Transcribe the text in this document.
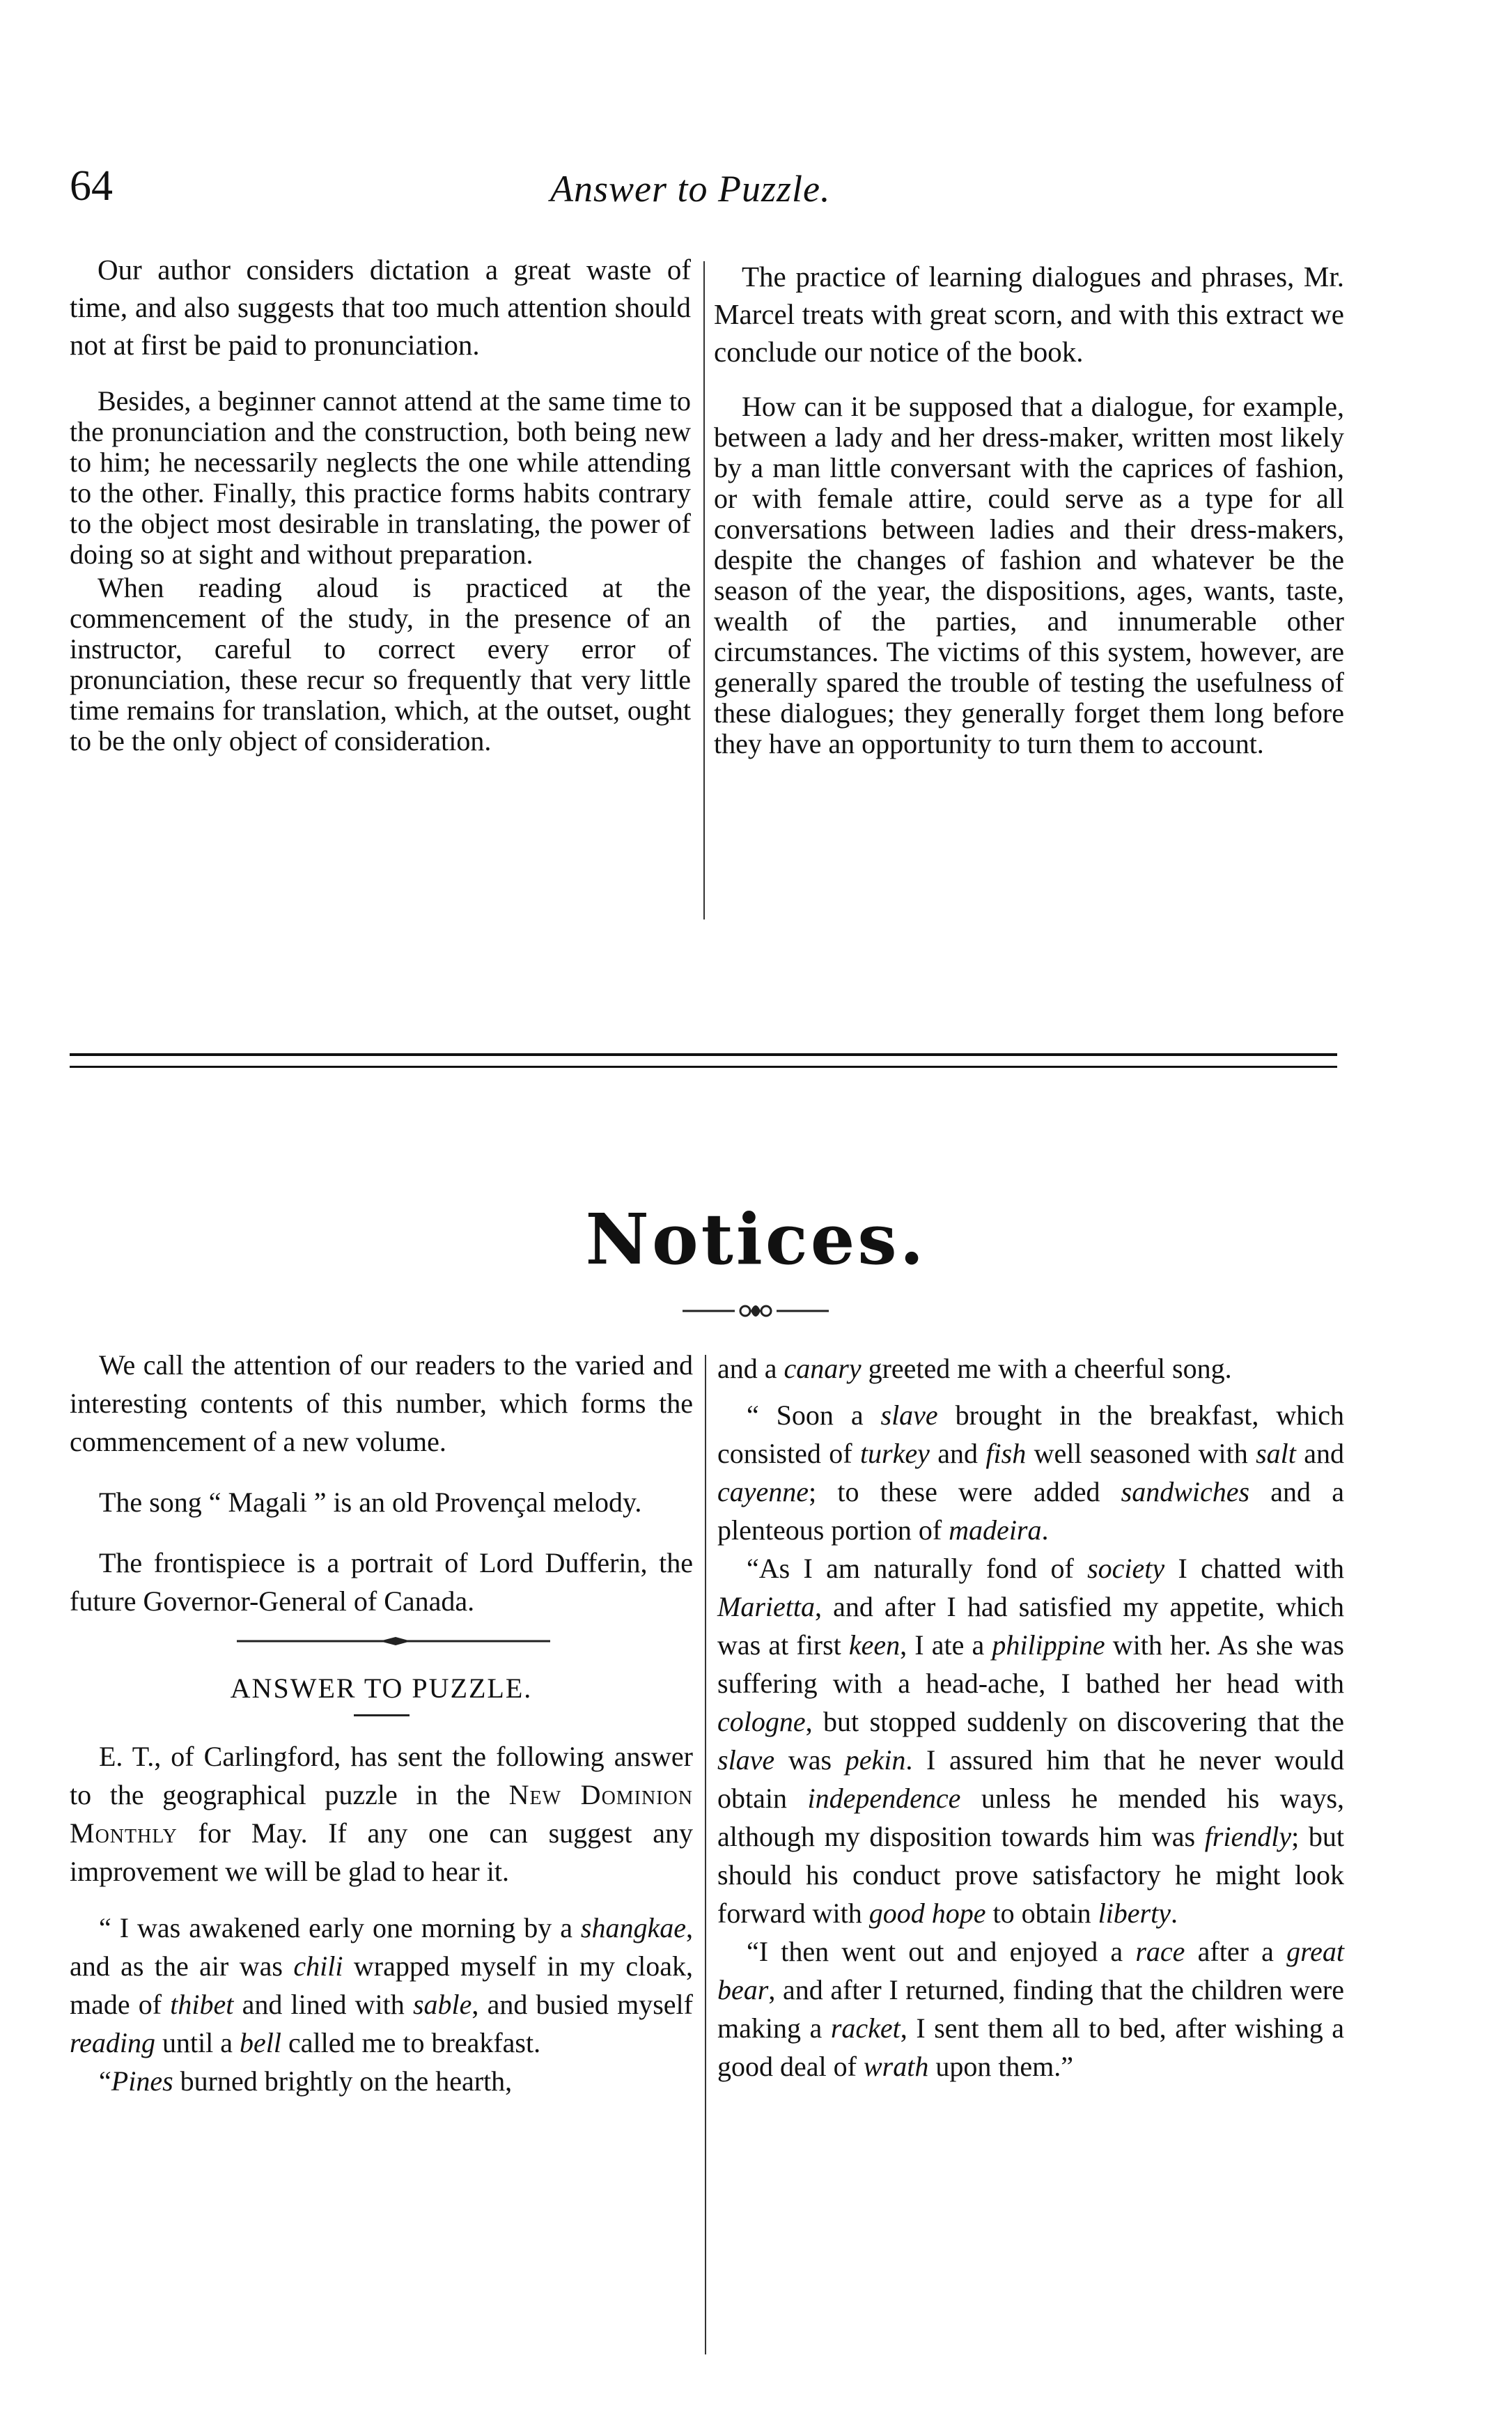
64	Answer to Puzzle.

Our author considers dictation a great waste of time, and also suggests that too much attention should not at first be paid to pronunciation.

Besides, a beginner cannot attend at the same time to the pronunciation and the construction, both being new to him; he necessarily neglects the one while attending to the other. Finally, this practice forms habits contrary to the object most desirable in translating, the power of doing so at sight and without preparation.

When reading aloud is practiced at the commencement of the study, in the presence of an instructor, careful to correct every error of pronunciation, these recur so frequently that very little time remains for translation, which, at the outset, ought to be the only object of consideration.

The practice of learning dialogues and phrases, Mr. Marcel treats with great scorn, and with this extract we conclude our notice of the book.

How can it be supposed that a dialogue, for example, between a lady and her dress-maker, written most likely by a man little conversant with the caprices of fashion, or with female attire, could serve as a type for all conversations between ladies and their dress-makers, despite the changes of fashion and whatever be the season of the year, the dispositions, ages, wants, taste, wealth of the parties, and innumerable other circumstances. The victims of this system, however, are generally spared the trouble of testing the usefulness of these dialogues; they generally forget them long before they have an opportunity to turn them to account.

Notices.

We call the attention of our readers to the varied and interesting contents of this number, which forms the commencement of a new volume.

The song “ Magali ” is an old Provençal melody.

The frontispiece is a portrait of Lord Dufferin, the future Governor-General of Canada.

ANSWER TO PUZZLE.

E. T., of Carlingford, has sent the following answer to the geographical puzzle in the New Dominion Monthly for May. If any one can suggest any improvement we will be glad to hear it.

“ I was awakened early one morning by a shangkae, and as the air was chili wrapped myself in my cloak, made of thibet and lined with sable, and busied myself reading until a bell called me to breakfast.

“Pines burned brightly on the hearth,

and a canary greeted me with a cheerful song.

“ Soon a slave brought in the breakfast, which consisted of turkey and fish well seasoned with salt and cayenne; to these were added sandwiches and a plenteous portion of madeira.

“As I am naturally fond of society I chatted with Marietta, and after I had satisfied my appetite, which was at first keen, I ate a philippine with her. As she was suffering with a head-ache, I bathed her head with cologne, but stopped suddenly on discovering that the slave was pekin. I assured him that he never would obtain independence unless he mended his ways, although my disposition towards him was friendly; but should his conduct prove satisfactory he might look forward with good hope to obtain liberty.

“I then went out and enjoyed a race after a great bear, and after I returned, finding that the children were making a racket, I sent them all to bed, after wishing a good deal of wrath upon them.”
